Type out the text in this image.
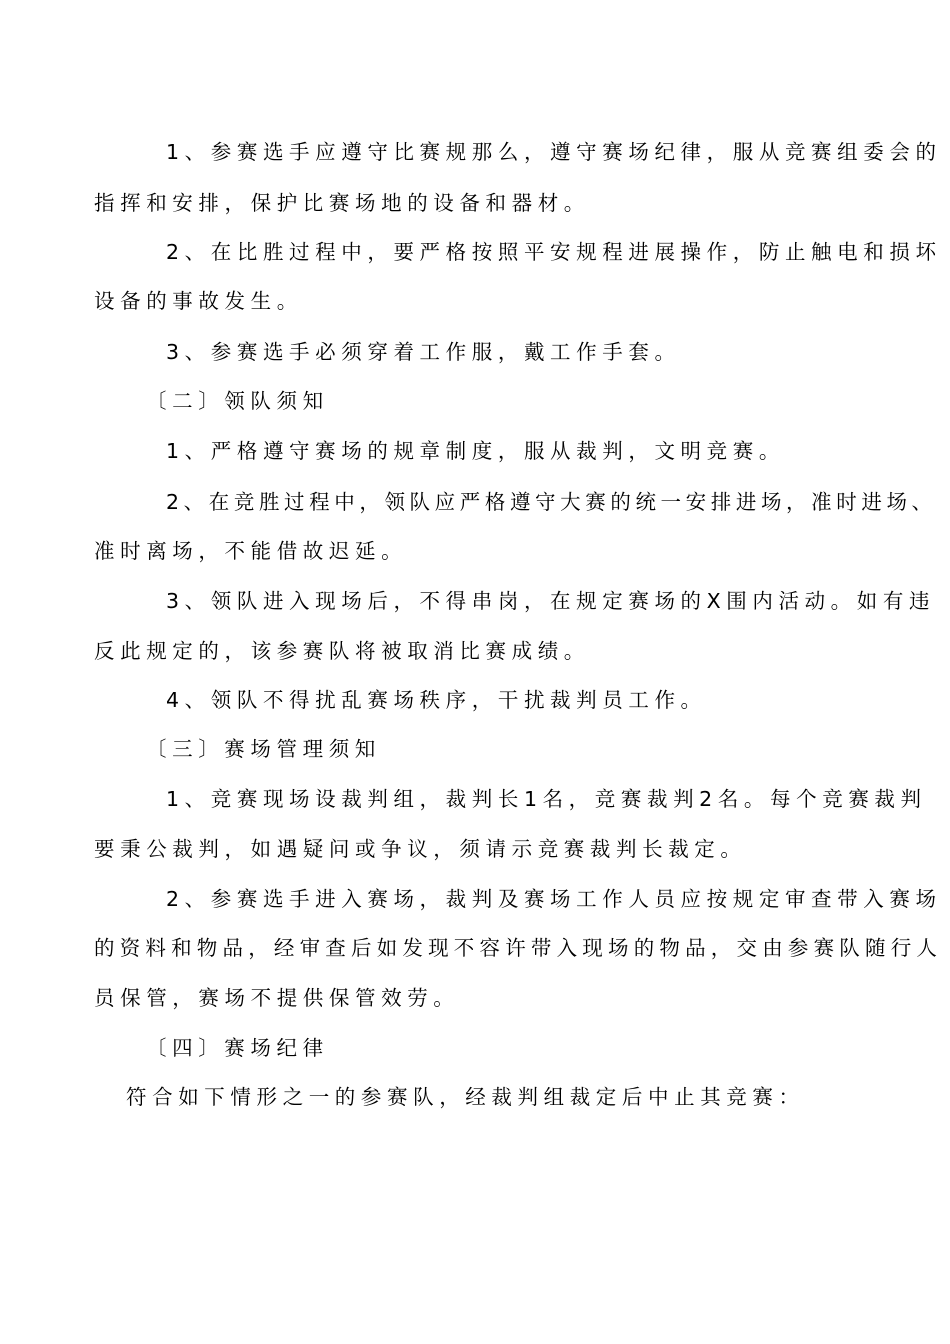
1、参赛选手应遵守比赛规那么，遵守赛场纪律，服从竞赛组委会的
指挥和安排，保护比赛场地的设备和器材。
2、在比胜过程中，要严格按照平安规程进展操作，防止触电和损坏
设备的事故发生。
3、参赛选手必须穿着工作服，戴工作手套。
〔二〕领队须知
1、严格遵守赛场的规章制度，服从裁判，文明竞赛。
2、在竞胜过程中，领队应严格遵守大赛的统一安排进场，准时进场、
准时离场，不能借故迟延。
3、领队进入现场后，不得串岗，在规定赛场的X围内活动。如有违
反此规定的，该参赛队将被取消比赛成绩。
4、领队不得扰乱赛场秩序，干扰裁判员工作。
〔三〕赛场管理须知
1、竞赛现场设裁判组，裁判长1名，竞赛裁判2名。每个竞赛裁判
要秉公裁判，如遇疑问或争议，须请示竞赛裁判长裁定。
2、参赛选手进入赛场，裁判及赛场工作人员应按规定审查带入赛场
的资料和物品，经审查后如发现不容许带入现场的物品，交由参赛队随行人
员保管，赛场不提供保管效劳。
〔四〕赛场纪律
符合如下情形之一的参赛队，经裁判组裁定后中止其竞赛：
